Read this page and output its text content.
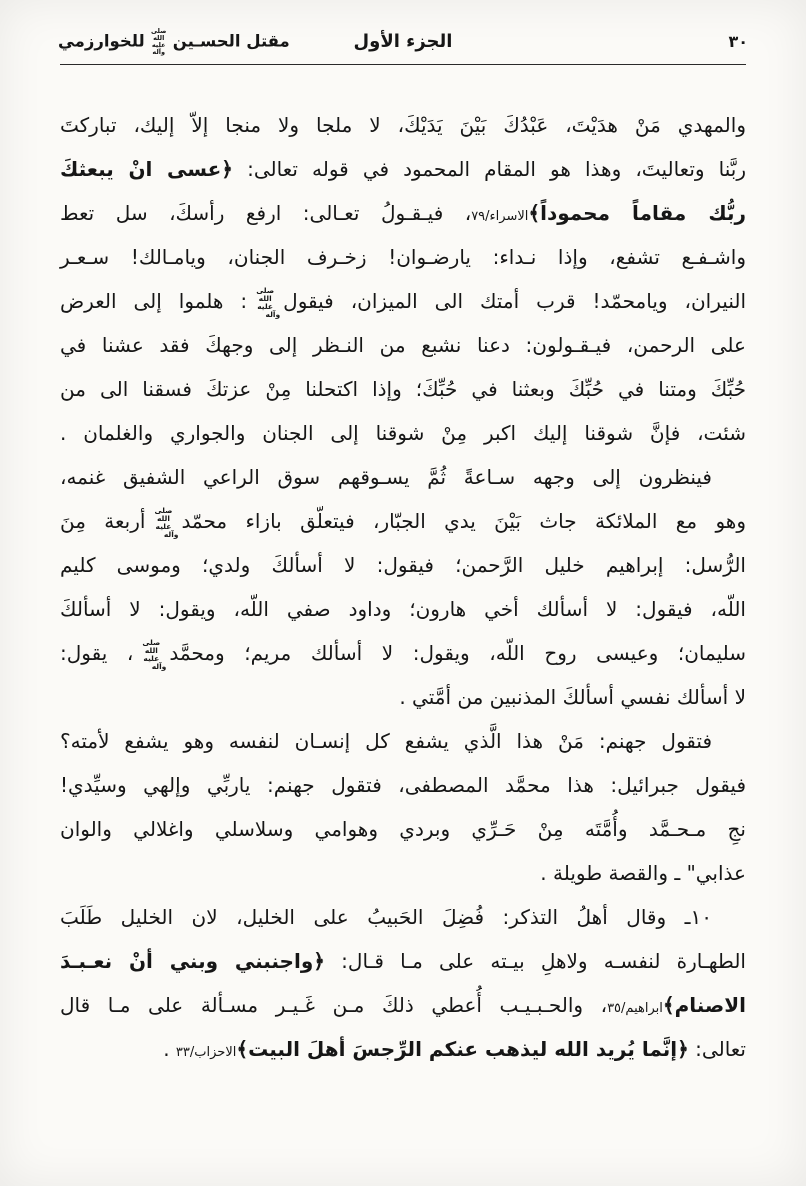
٣٠
الجزء الأول
مقتل الحسـينصلى الله عليه وآلهللخوارزمي
والمهدي مَنْ هدَيْتَ، عَبْدُكَ بَيْنَ يَدَيْكَ، لا ملجا ولا منجا إلاّ إليك، تباركتَ
ربَّنا وتعاليتَ، وهذا هو المقام المحمود في قوله تعالى: ﴿عسى انْ يبعثكَ
ربُّك مقاماً محموداً﴾الاسراء/٧٩، فيـقـولُ تعـالى: ارفع رأسكَ، سل تعط
واشـفـع تشفع، وإذا نـداء: يارضـوان! زخـرف الجنان، ويامـالك! سـعـر
النيران، ويامحمّد! قرب أمتك الى الميزان، فيقولصلى الله عليه وآله: هلموا إلى العرض
على الرحمن، فيـقـولون: دعنا نشبع من النـظر إلى وجهكَ فقد عشنا في
حُبِّكَ ومتنا في حُبِّكَ وبعثنا في حُبِّكَ؛ وإذا اكتحلنا مِنْ عزتكَ فسقنا الى من
شئت، فإنَّ شوقنا إليك اكبر مِنْ شوقنا إلى الجنان والجواري والغلمان .
فينظرون إلى وجهه سـاعةً ثُمَّ يسـوقهم سوق الراعي الشفيق غنمه،
وهو مع الملائكة جاث بَيْنَ يدي الجبّار، فيتعلّق بازاء محمّدصلى الله عليه وآلهأربعة مِنَ
الرُّسل: إبراهيم خليل الرَّحمن؛ فيقول: لا أسألكَ ولدي؛ وموسى كليم
اللّه، فيقول: لا أسألك أخي هارون؛ وداود صفي اللّه، ويقول: لا أسألكَ
سليمان؛ وعيسى روح اللّه، ويقول: لا أسألك مريم؛ ومحمَّدصلى الله عليه وآله، يقول:
لا أسألك نفسي أسألكَ المذنبين من أمَّتي .
فتقول جهنم: مَنْ هذا الَّذي يشفع كل إنسـان لنفسه وهو يشفع لأمته؟
فيقول جبرائيل: هذا محمَّد المصطفى، فتقول جهنم: ياربِّي وإلهي وسيِّدي!
نجِ مـحـمَّد وأُمَّتَه مِنْ حَـرِّي وبردي وهوامي وسلاسلي واغلالي والوان
عذابي" ـ والقصة طويلة .
١٠ـ وقال أهلُ التذكر: فُضِلَ الحَبيبُ على الخليل، لان الخليل طَلَبَ
الطهـارة لنفسـه ولاهلِ بيـته على مـا قـال: ﴿واجنبني وبني أنْ نعـبـدَ
الاصنام﴾ابراهيم/٣٥، والحـبـيـب أُعطي ذلكَ مـن غَـيـر مسـألة على مـا قال
تعالى: ﴿إنَّما يُريد الله ليذهب عنكم الرِّجسَ أهلَ البيت﴾الاحزاب/٣٣ .
